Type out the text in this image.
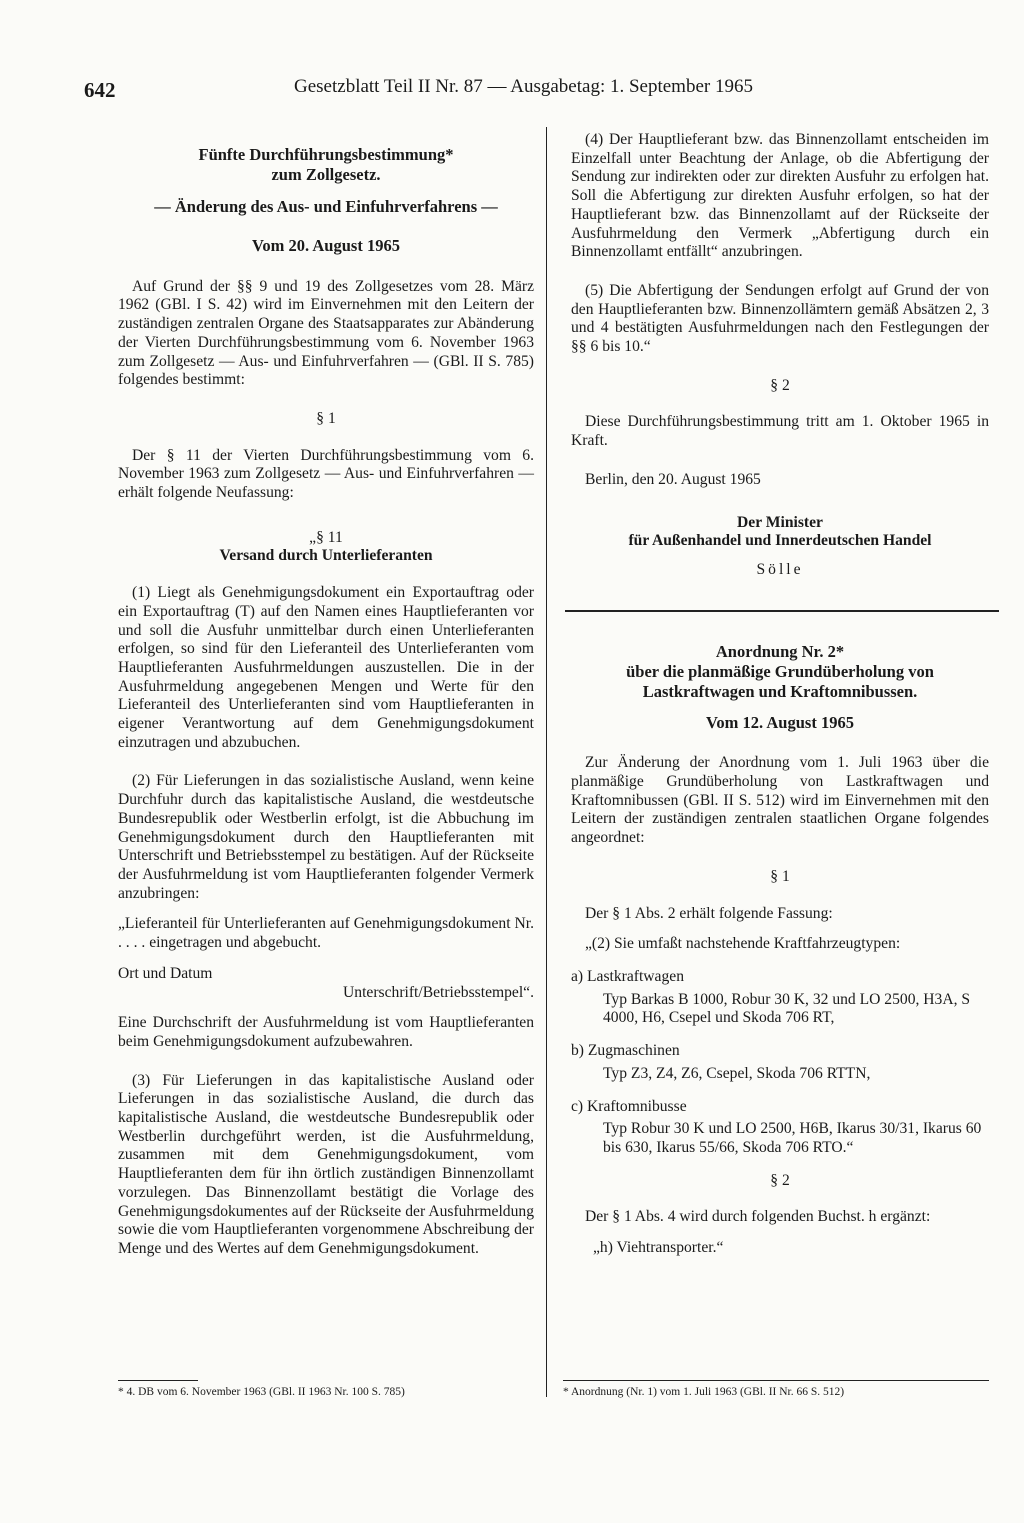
642	Gesetzblatt Teil II Nr. 87 — Ausgabetag: 1. September 1965
Fünfte Durchführungsbestimmung*
zum Zollgesetz.
— Änderung des Aus- und Einfuhrverfahrens —
Vom 20. August 1965

Auf Grund der §§ 9 und 19 des Zollgesetzes vom 28. März 1962 (GBl. I S. 42) wird im Einvernehmen mit den Leitern der zuständigen zentralen Organe des Staatsapparates zur Abänderung der Vierten Durchführungsbestimmung vom 6. November 1963 zum Zollgesetz — Aus- und Einfuhrverfahren — (GBl. II S. 785) folgendes bestimmt:

§ 1

Der § 11 der Vierten Durchführungsbestimmung vom 6. November 1963 zum Zollgesetz — Aus- und Einfuhrverfahren — erhält folgende Neufassung:

„§ 11
Versand durch Unterlieferanten

(1) Liegt als Genehmigungsdokument ein Exportauftrag oder ein Exportauftrag (T) auf den Namen eines Hauptlieferanten vor und soll die Ausfuhr unmittelbar durch einen Unterlieferanten erfolgen, so sind für den Lieferanteil des Unterlieferanten vom Hauptlieferanten Ausfuhrmeldungen auszustellen. Die in der Ausfuhrmeldung angegebenen Mengen und Werte für den Lieferanteil des Unterlieferanten sind vom Hauptlieferanten in eigener Verantwortung auf dem Genehmigungsdokument einzutragen und abzubuchen.

(2) Für Lieferungen in das sozialistische Ausland, wenn keine Durchfuhr durch das kapitalistische Ausland, die westdeutsche Bundesrepublik oder Westberlin erfolgt, ist die Abbuchung im Genehmigungsdokument durch den Hauptlieferanten mit Unterschrift und Betriebsstempel zu bestätigen. Auf der Rückseite der Ausfuhrmeldung ist vom Hauptlieferanten folgender Vermerk anzubringen:

„Lieferanteil für Unterlieferanten auf Genehmigungsdokument Nr. . . . . eingetragen und abgebucht.

Ort und Datum
Unterschrift/Betriebsstempel“.

Eine Durchschrift der Ausfuhrmeldung ist vom Hauptlieferanten beim Genehmigungsdokument aufzubewahren.

(3) Für Lieferungen in das kapitalistische Ausland oder Lieferungen in das sozialistische Ausland, die durch das kapitalistische Ausland, die westdeutsche Bundesrepublik oder Westberlin durchgeführt werden, ist die Ausfuhrmeldung, zusammen mit dem Genehmigungsdokument, vom Hauptlieferanten dem für ihn örtlich zuständigen Binnenzollamt vorzulegen. Das Binnenzollamt bestätigt die Vorlage des Genehmigungsdokumentes auf der Rückseite der Ausfuhrmeldung sowie die vom Hauptlieferanten vorgenommene Abschreibung der Menge und des Wertes auf dem Genehmigungsdokument.

* 4. DB vom 6. November 1963 (GBl. II 1963 Nr. 100 S. 785)

(4) Der Hauptlieferant bzw. das Binnenzollamt entscheiden im Einzelfall unter Beachtung der Anlage, ob die Abfertigung der Sendung zur indirekten oder zur direkten Ausfuhr zu erfolgen hat. Soll die Abfertigung zur direkten Ausfuhr erfolgen, so hat der Hauptlieferant bzw. das Binnenzollamt auf der Rückseite der Ausfuhrmeldung den Vermerk „Abfertigung durch ein Binnenzollamt entfällt“ anzubringen.

(5) Die Abfertigung der Sendungen erfolgt auf Grund der von den Hauptlieferanten bzw. Binnenzollämtern gemäß Absätzen 2, 3 und 4 bestätigten Ausfuhrmeldungen nach den Festlegungen der §§ 6 bis 10.“

§ 2

Diese Durchführungsbestimmung tritt am 1. Oktober 1965 in Kraft.

Berlin, den 20. August 1965

Der Minister
für Außenhandel und Innerdeutschen Handel
Sölle
Anordnung Nr. 2*
über die planmäßige Grundüberholung von
Lastkraftwagen und Kraftomnibussen.
Vom 12. August 1965

Zur Änderung der Anordnung vom 1. Juli 1963 über die planmäßige Grundüberholung von Lastkraftwagen und Kraftomnibussen (GBl. II S. 512) wird im Einvernehmen mit den Leitern der zuständigen zentralen staatlichen Organe folgendes angeordnet:

§ 1

Der § 1 Abs. 2 erhält folgende Fassung:

„(2) Sie umfaßt nachstehende Kraftfahrzeugtypen:

a) Lastkraftwagen
Typ Barkas B 1000, Robur 30 K, 32 und LO 2500, H3A, S 4000, H6, Csepel und Skoda 706 RT,
b) Zugmaschinen
Typ Z3, Z4, Z6, Csepel, Skoda 706 RTTN,
c) Kraftomnibusse
Typ Robur 30 K und LO 2500, H6B, Ikarus 30/31, Ikarus 60 bis 630, Ikarus 55/66, Skoda 706 RTO.“
§ 2

Der § 1 Abs. 4 wird durch folgenden Buchst. h ergänzt:

„h) Viehtransporter.“

* Anordnung (Nr. 1) vom 1. Juli 1963 (GBl. II Nr. 66 S. 512)
